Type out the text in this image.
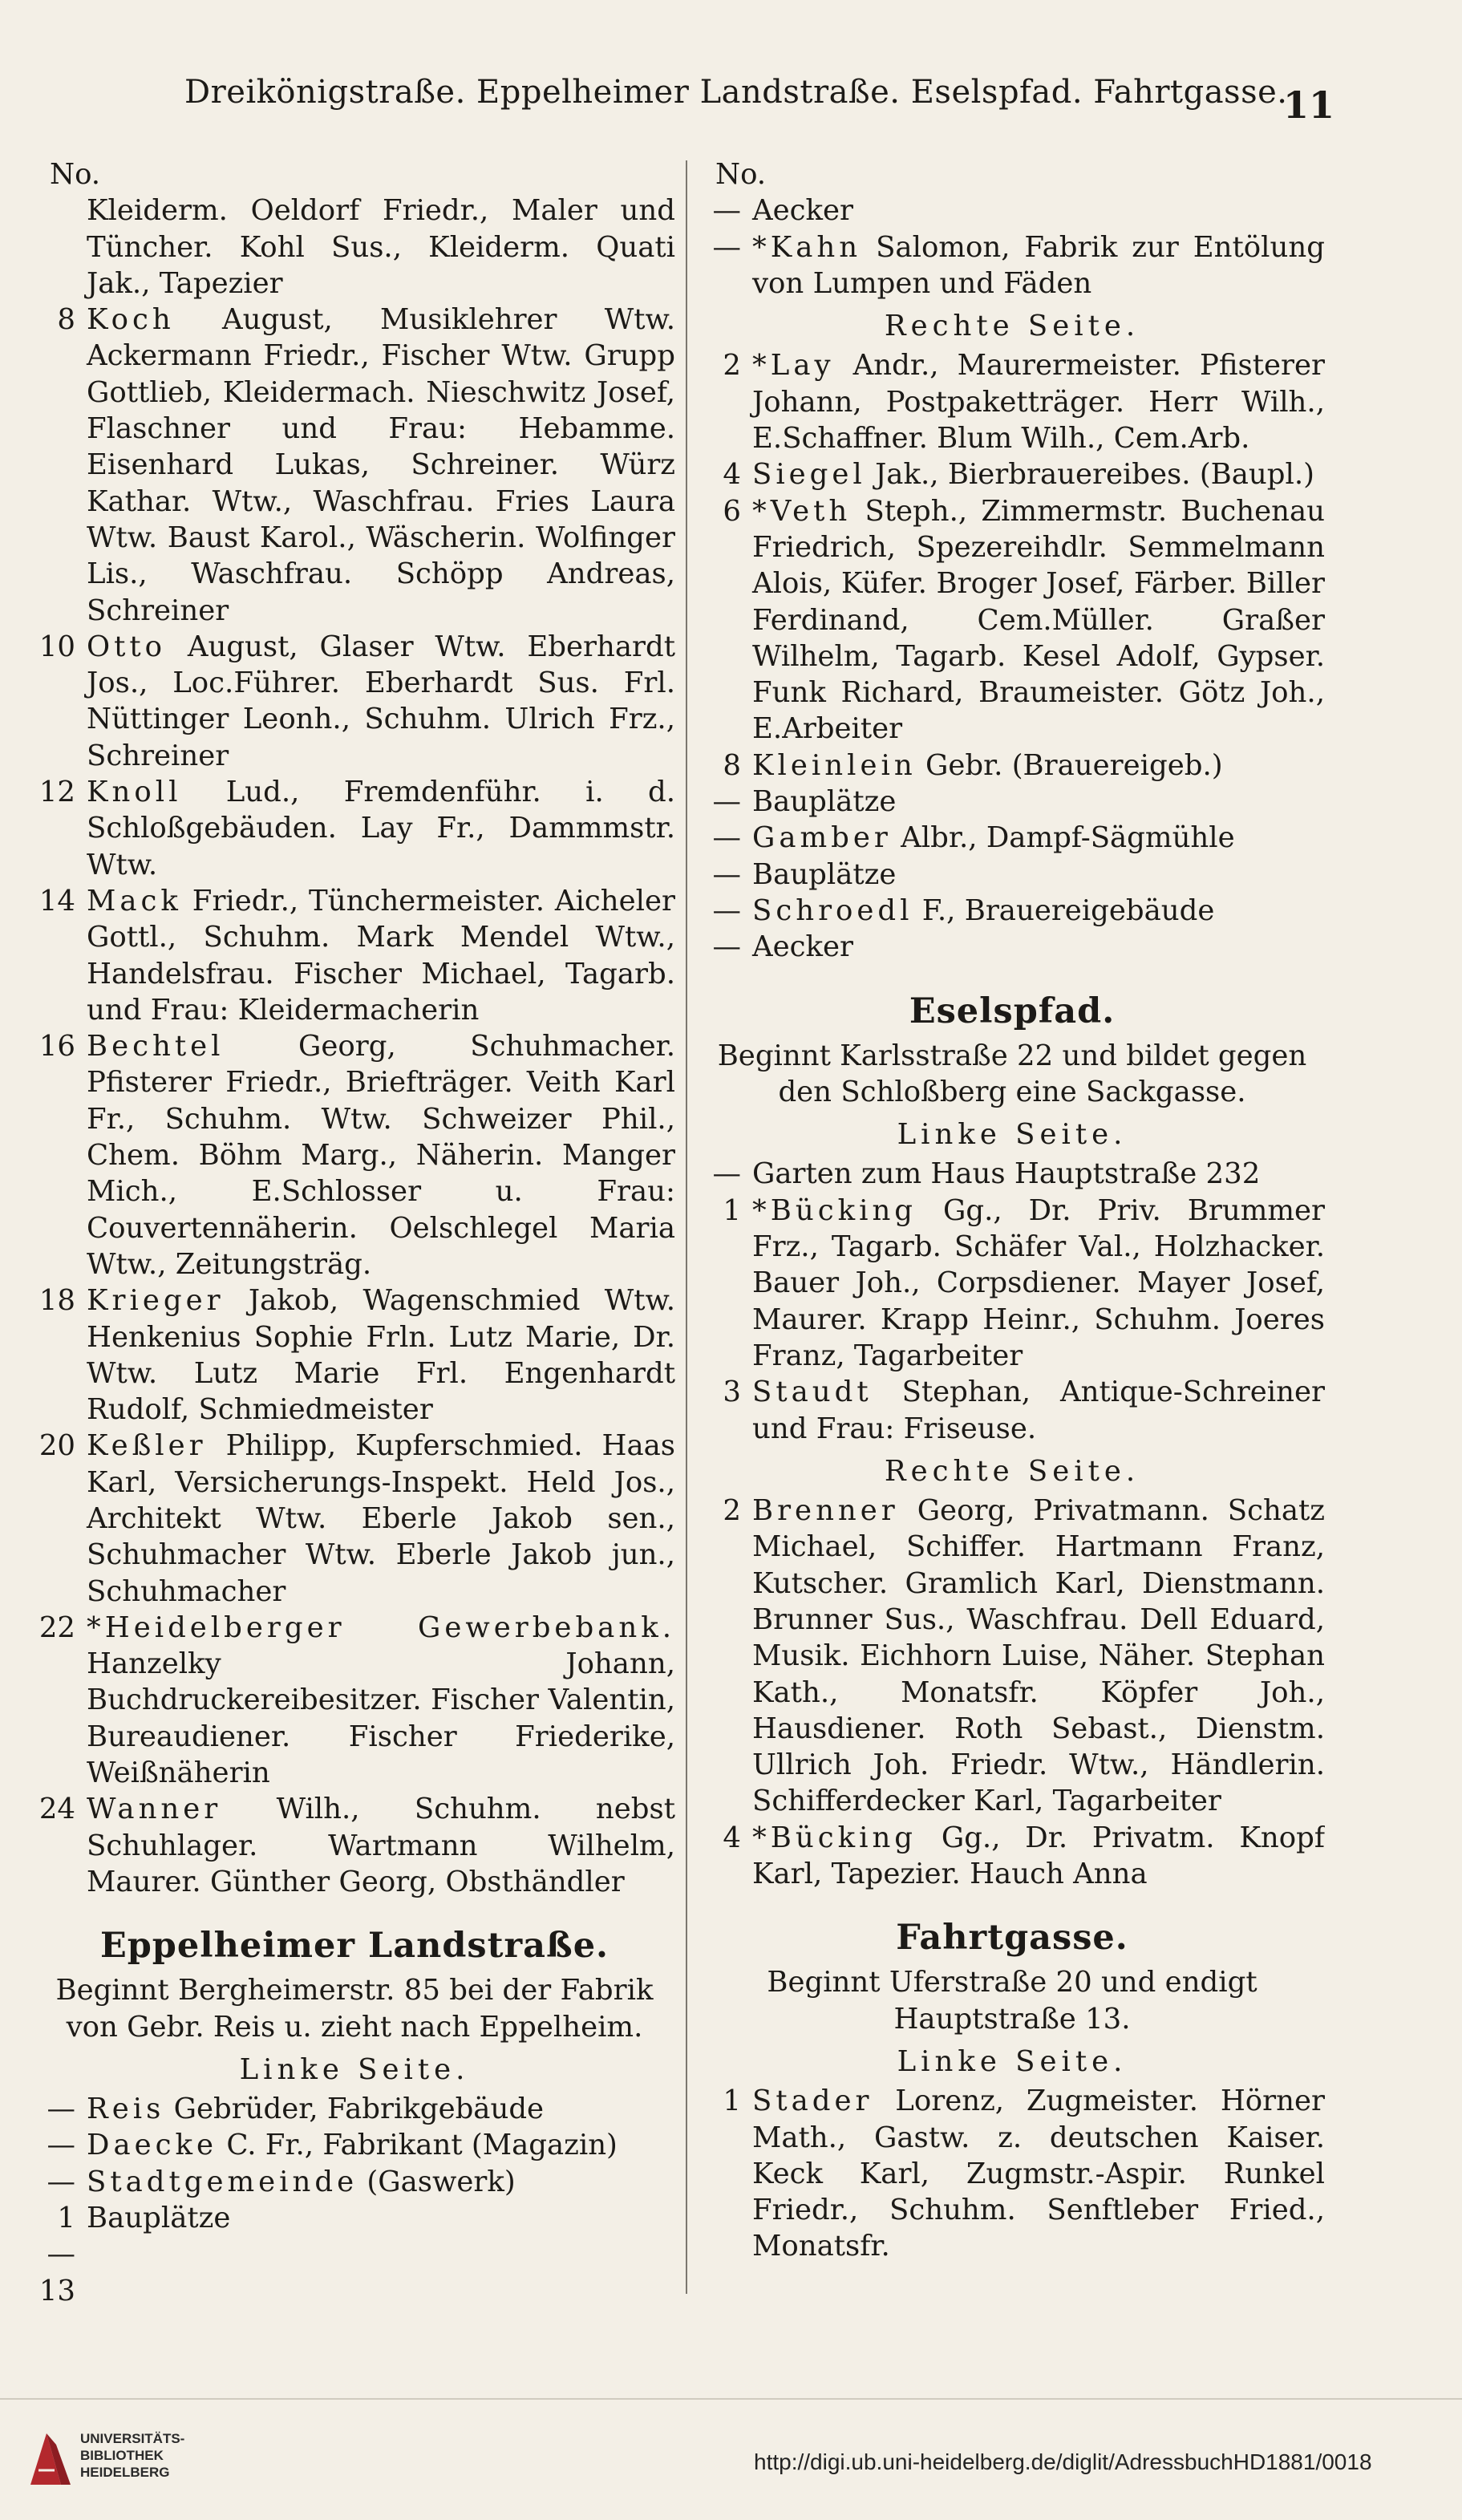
Dreikönigstraße. Eppelheimer Landstraße. Eselspfad. Fahrtgasse.
11
No.
Kleiderm. Oeldorf Friedr., Maler und Tüncher. Kohl Sus., Kleiderm. Quati Jak., Tapezier
8 Koch August, Musiklehrer Wtw. Ackermann Friedr., Fischer Wtw. Grupp Gottlieb, Kleidermach. Nieschwitz Josef, Flaschner und Frau: Hebamme. Eisenhard Lukas, Schreiner. Würz Kathar. Wtw., Waschfrau. Fries Laura Wtw. Baust Karol., Wäscherin. Wolfinger Lis., Waschfrau. Schöpp Andreas, Schreiner
10 Otto August, Glaser Wtw. Eberhardt Jos., Loc.Führer. Eberhardt Sus. Frl. Nüttinger Leonh., Schuhm. Ulrich Frz., Schreiner
12 Knoll Lud., Fremdenführ. i. d. Schloßgebäuden. Lay Fr., Dammmstr. Wtw.
14 Mack Friedr., Tünchermeister. Aicheler Gottl., Schuhm. Mark Mendel Wtw., Handelsfrau. Fischer Michael, Tagarb. und Frau: Kleidermacherin
16 Bechtel Georg, Schuhmacher. Pfisterer Friedr., Briefträger. Veith Karl Fr., Schuhm. Wtw. Schweizer Phil., Chem. Böhm Marg., Näherin. Manger Mich., E.Schlosser u. Frau: Couvertennäherin. Oelschlegel Maria Wtw., Zeitungsträg.
18 Krieger Jakob, Wagenschmied Wtw. Henkenius Sophie Frln. Lutz Marie, Dr. Wtw. Lutz Marie Frl. Engenhardt Rudolf, Schmiedmeister
20 Keßler Philipp, Kupferschmied. Haas Karl, Versicherungs-Inspekt. Held Jos., Architekt Wtw. Eberle Jakob sen., Schuhmacher Wtw. Eberle Jakob jun., Schuhmacher
22 *Heidelberger Gewerbebank. Hanzelky Johann, Buchdruckereibesitzer. Fischer Valentin, Bureaudiener. Fischer Friederike, Weißnäherin
24 Wanner Wilh., Schuhm. nebst Schuhlager. Wartmann Wilhelm, Maurer. Günther Georg, Obsthändler
Eppelheimer Landstraße.
Beginnt Bergheimerstr. 85 bei der Fabrik von Gebr. Reis u. zieht nach Eppelheim.
Linke Seite.
— Reis Gebrüder, Fabrikgebäude
— Daecke C. Fr., Fabrikant (Magazin)
— Stadtgemeinde (Gaswerk)
1—13
Bauplätze
No.
— Aecker
— *Kahn Salomon, Fabrik zur Entölung von Lumpen und Fäden
Rechte Seite.
2 *Lay Andr., Maurermeister. Pfisterer Johann, Postpaketträger. Herr Wilh., E.Schaffner. Blum Wilh., Cem.Arb.
4 Siegel Jak., Bierbrauereibes. (Baupl.)
6 *Veth Steph., Zimmermstr. Buchenau Friedrich, Spezereihdlr. Semmelmann Alois, Küfer. Broger Josef, Färber. Biller Ferdinand, Cem.Müller. Graßer Wilhelm, Tagarb. Kesel Adolf, Gypser. Funk Richard, Braumeister. Götz Joh., E.Arbeiter
8 Kleinlein Gebr. (Brauereigeb.)
— Bauplätze
— Gamber Albr., Dampf-Sägmühle
— Bauplätze
— Schroedl F., Brauereigebäude
— Aecker
Eselspfad.
Beginnt Karlsstraße 22 und bildet gegen den Schloßberg eine Sackgasse.
Linke Seite.
— Garten zum Haus Hauptstraße 232
1 *Bücking Gg., Dr. Priv. Brummer Frz., Tagarb. Schäfer Val., Holzhacker. Bauer Joh., Corpsdiener. Mayer Josef, Maurer. Krapp Heinr., Schuhm. Joeres Franz, Tagarbeiter
3 Staudt Stephan, Antique-Schreiner und Frau: Friseuse.
Rechte Seite.
2 Brenner Georg, Privatmann. Schatz Michael, Schiffer. Hartmann Franz, Kutscher. Gramlich Karl, Dienstmann. Brunner Sus., Waschfrau. Dell Eduard, Musik. Eichhorn Luise, Näher. Stephan Kath., Monatsfr. Köpfer Joh., Hausdiener. Roth Sebast., Dienstm. Ullrich Joh. Friedr. Wtw., Händlerin. Schifferdecker Karl, Tagarbeiter
4 *Bücking Gg., Dr. Privatm. Knopf Karl, Tapezier. Hauch Anna
Fahrtgasse.
Beginnt Uferstraße 20 und endigt Hauptstraße 13.
Linke Seite.
1 Stader Lorenz, Zugmeister. Hörner Math., Gastw. z. deutschen Kaiser. Keck Karl, Zugmstr.-Aspir. Runkel Friedr., Schuhm. Senftleber Fried., Monatsfr.
UNIVERSITÄTS-
BIBLIOTHEK
HEIDELBERG	http://digi.ub.uni-heidelberg.de/diglit/AdressbuchHD1881/0018
